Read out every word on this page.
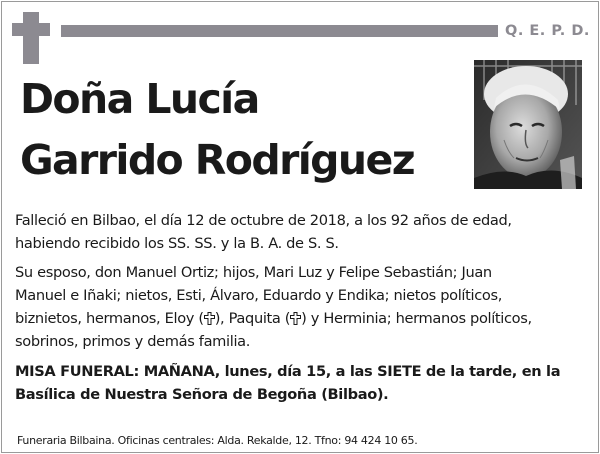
Q. E. P. D.
Doña Lucía
Garrido Rodríguez
Falleció en Bilbao, el día 12 de octubre de 2018, a los 92 años de edad,
habiendo recibido los SS. SS. y la B. A. de S. S.
Su esposo, don Manuel Ortiz; hijos, Mari Luz y Felipe Sebastián; Juan
Manuel e Iñaki; nietos, Esti, Álvaro, Eduardo y Endika; nietos políticos,
biznietos, hermanos, Eloy ( ), Paquita ( ) y Herminia; hermanos políticos,
sobrinos, primos y demás familia.
MISA FUNERAL: MAÑANA, lunes, día 15, a las SIETE de la tarde, en la
Basílica de Nuestra Señora de Begoña (Bilbao).
Funeraria Bilbaina. Oficinas centrales: Alda. Rekalde, 12. Tfno: 94 424 10 65.
